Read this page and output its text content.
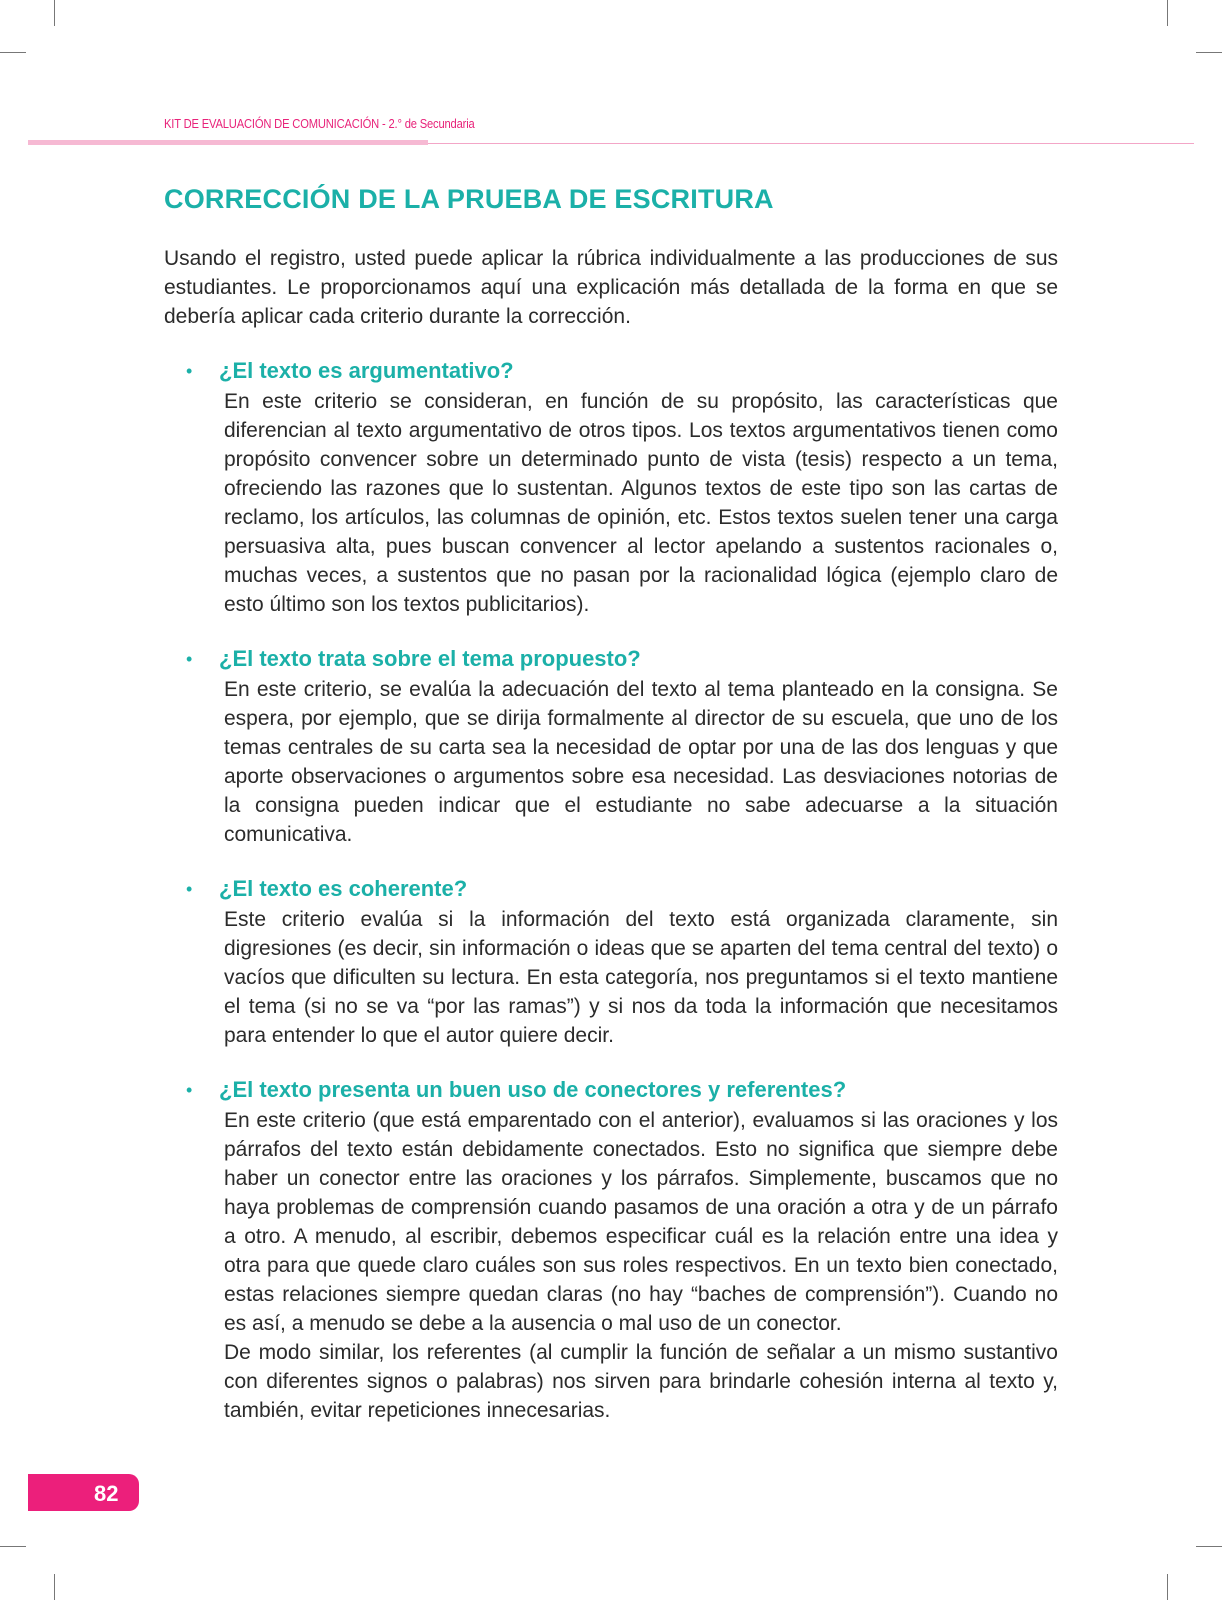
KIT DE EVALUACIÓN DE COMUNICACIÓN - 2.° de Secundaria
CORRECCIÓN DE LA PRUEBA DE ESCRITURA

Usando el registro, usted puede aplicar la rúbrica individualmente a las producciones de sus estudiantes. Le proporcionamos aquí una explicación más detallada de la forma en que se debería aplicar cada criterio durante la corrección.

• ¿El texto es argumentativo?

En este criterio se consideran, en función de su propósito, las características que diferencian al texto argumentativo de otros tipos. Los textos argumentativos tienen como propósito convencer sobre un determinado punto de vista (tesis) respecto a un tema, ofreciendo las razones que lo sustentan. Algunos textos de este tipo son las cartas de reclamo, los artículos, las columnas de opinión, etc. Estos textos suelen tener una carga persuasiva alta, pues buscan convencer al lector apelando a sustentos racionales o, muchas veces, a sustentos que no pasan por la racionalidad lógica (ejemplo claro de esto último son los textos publicitarios).

• ¿El texto trata sobre el tema propuesto?

En este criterio, se evalúa la adecuación del texto al tema planteado en la consigna. Se espera, por ejemplo, que se dirija formalmente al director de su escuela, que uno de los temas centrales de su carta sea la necesidad de optar por una de las dos lenguas y que aporte observaciones o argumentos sobre esa necesidad. Las desviaciones notorias de la consigna pueden indicar que el estudiante no sabe adecuarse a la situación comunicativa.

• ¿El texto es coherente?

Este criterio evalúa si la información del texto está organizada claramente, sin digresiones (es decir, sin información o ideas que se aparten del tema central del texto) o vacíos que dificulten su lectura. En esta categoría, nos preguntamos si el texto mantiene el tema (si no se va “por las ramas”) y si nos da toda la información que necesitamos para entender lo que el autor quiere decir.

• ¿El texto presenta un buen uso de conectores y referentes?

En este criterio (que está emparentado con el anterior), evaluamos si las oraciones y los párrafos del texto están debidamente conectados. Esto no significa que siempre debe haber un conector entre las oraciones y los párrafos. Simplemente, buscamos que no haya problemas de comprensión cuando pasamos de una oración a otra y de un párrafo a otro. A menudo, al escribir, debemos especificar cuál es la relación entre una idea y otra para que quede claro cuáles son sus roles respectivos. En un texto bien conectado, estas relaciones siempre quedan claras (no hay “baches de comprensión”). Cuando no es así, a menudo se debe a la ausencia o mal uso de un conector.

De modo similar, los referentes (al cumplir la función de señalar a un mismo sustantivo con diferentes signos o palabras) nos sirven para brindarle cohesión interna al texto y, también, evitar repeticiones innecesarias.

82
